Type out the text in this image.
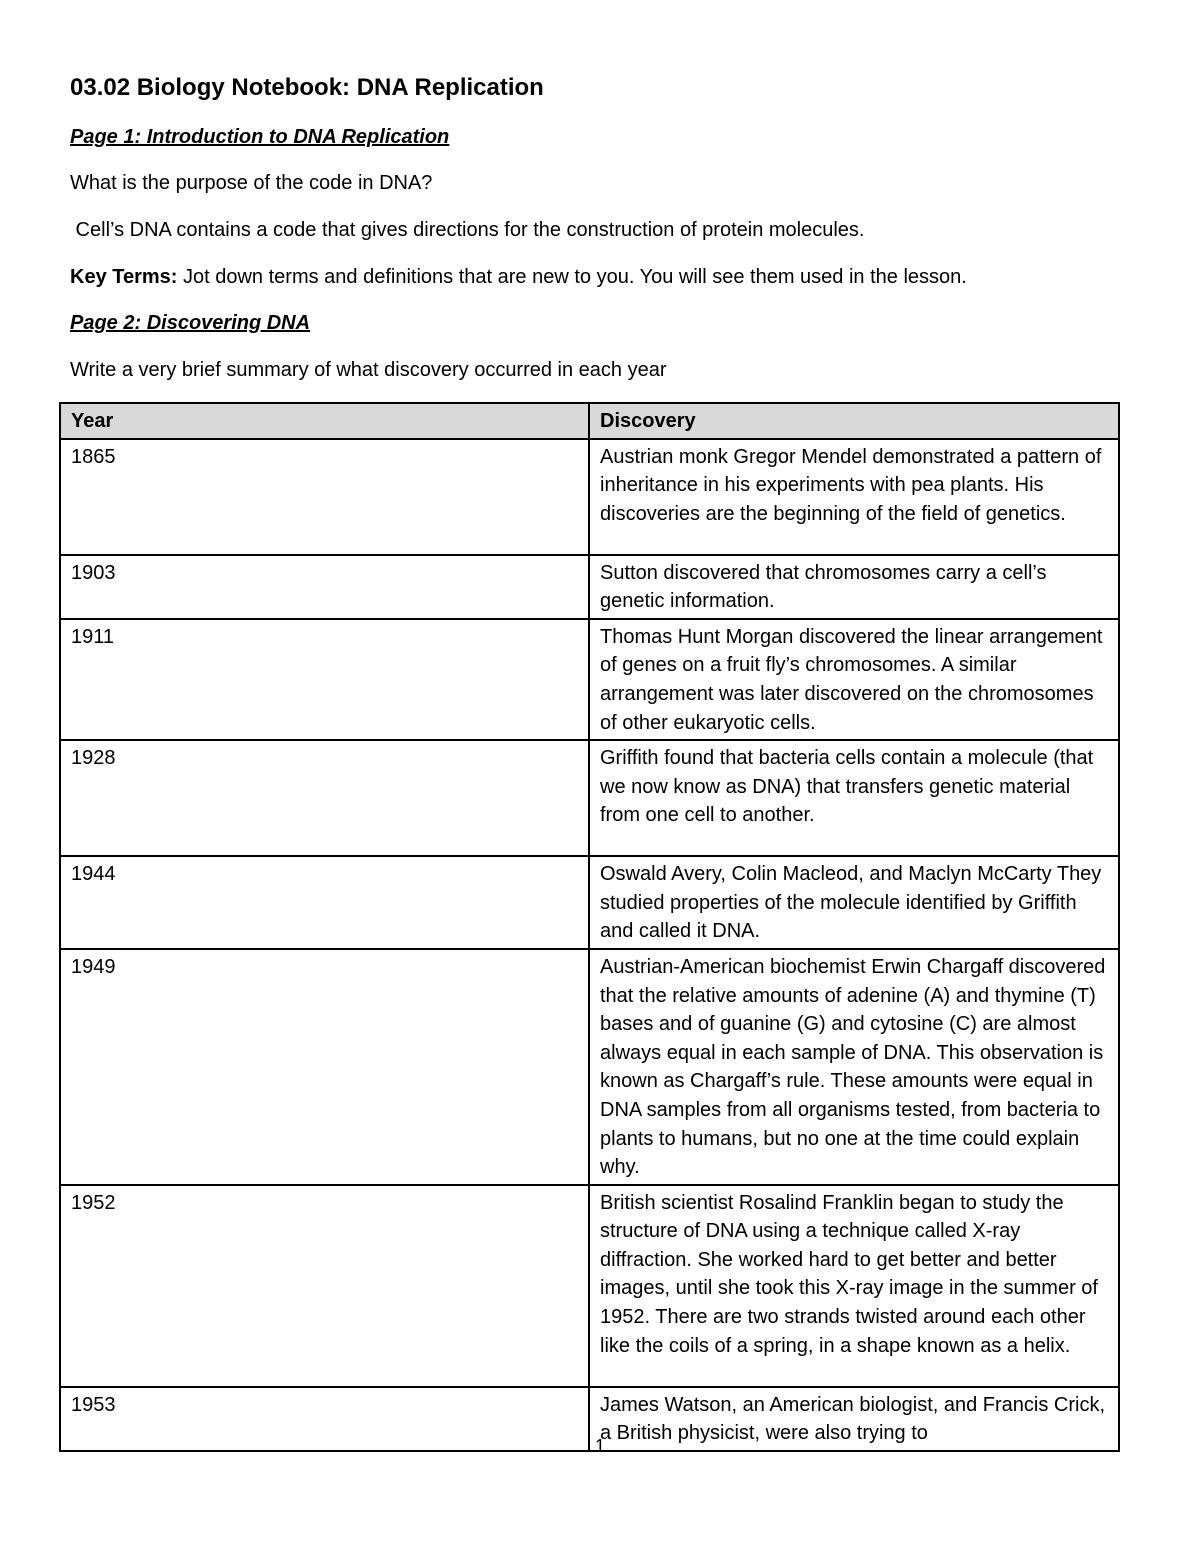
03.02 Biology Notebook: DNA Replication
Page 1: Introduction to DNA Replication

What is the purpose of the code in DNA?

Cell’s DNA contains a code that gives directions for the construction of protein molecules.

Key Terms: Jot down terms and definitions that are new to you. You will see them used in the lesson.

Page 2: Discovering DNA

Write a very brief summary of what discovery occurred in each year

Year	Discovery
1865	Austrian monk Gregor Mendel demonstrated a pattern of inheritance in his experiments with pea plants. His discoveries are the beginning of the field of genetics.
1903	Sutton discovered that chromosomes carry a cell’s genetic information.
1911	Thomas Hunt Morgan discovered the linear arrangement of genes on a fruit fly’s chromosomes. A similar arrangement was later discovered on the chromosomes of other eukaryotic cells.
1928	Griffith found that bacteria cells contain a molecule (that we now know as DNA) that transfers genetic material from one cell to another.
1944	Oswald Avery, Colin Macleod, and Maclyn McCarty They studied properties of the molecule identified by Griffith and called it DNA.
1949	Austrian-American biochemist Erwin Chargaff discovered that the relative amounts of adenine (A) and thymine (T) bases and of guanine (G) and cytosine (C) are almost always equal in each sample of DNA. This observation is known as Chargaff’s rule. These amounts were equal in DNA samples from all organisms tested, from bacteria to plants to humans, but no one at the time could explain why.
1952	British scientist Rosalind Franklin began to study the structure of DNA using a technique called X-ray diffraction. She worked hard to get better and better images, until she took this X-ray image in the summer of 1952. There are two strands twisted around each other like the coils of a spring, in a shape known as a helix.
1953	James Watson, an American biologist, and Francis Crick, a British physicist, were also trying to
1
